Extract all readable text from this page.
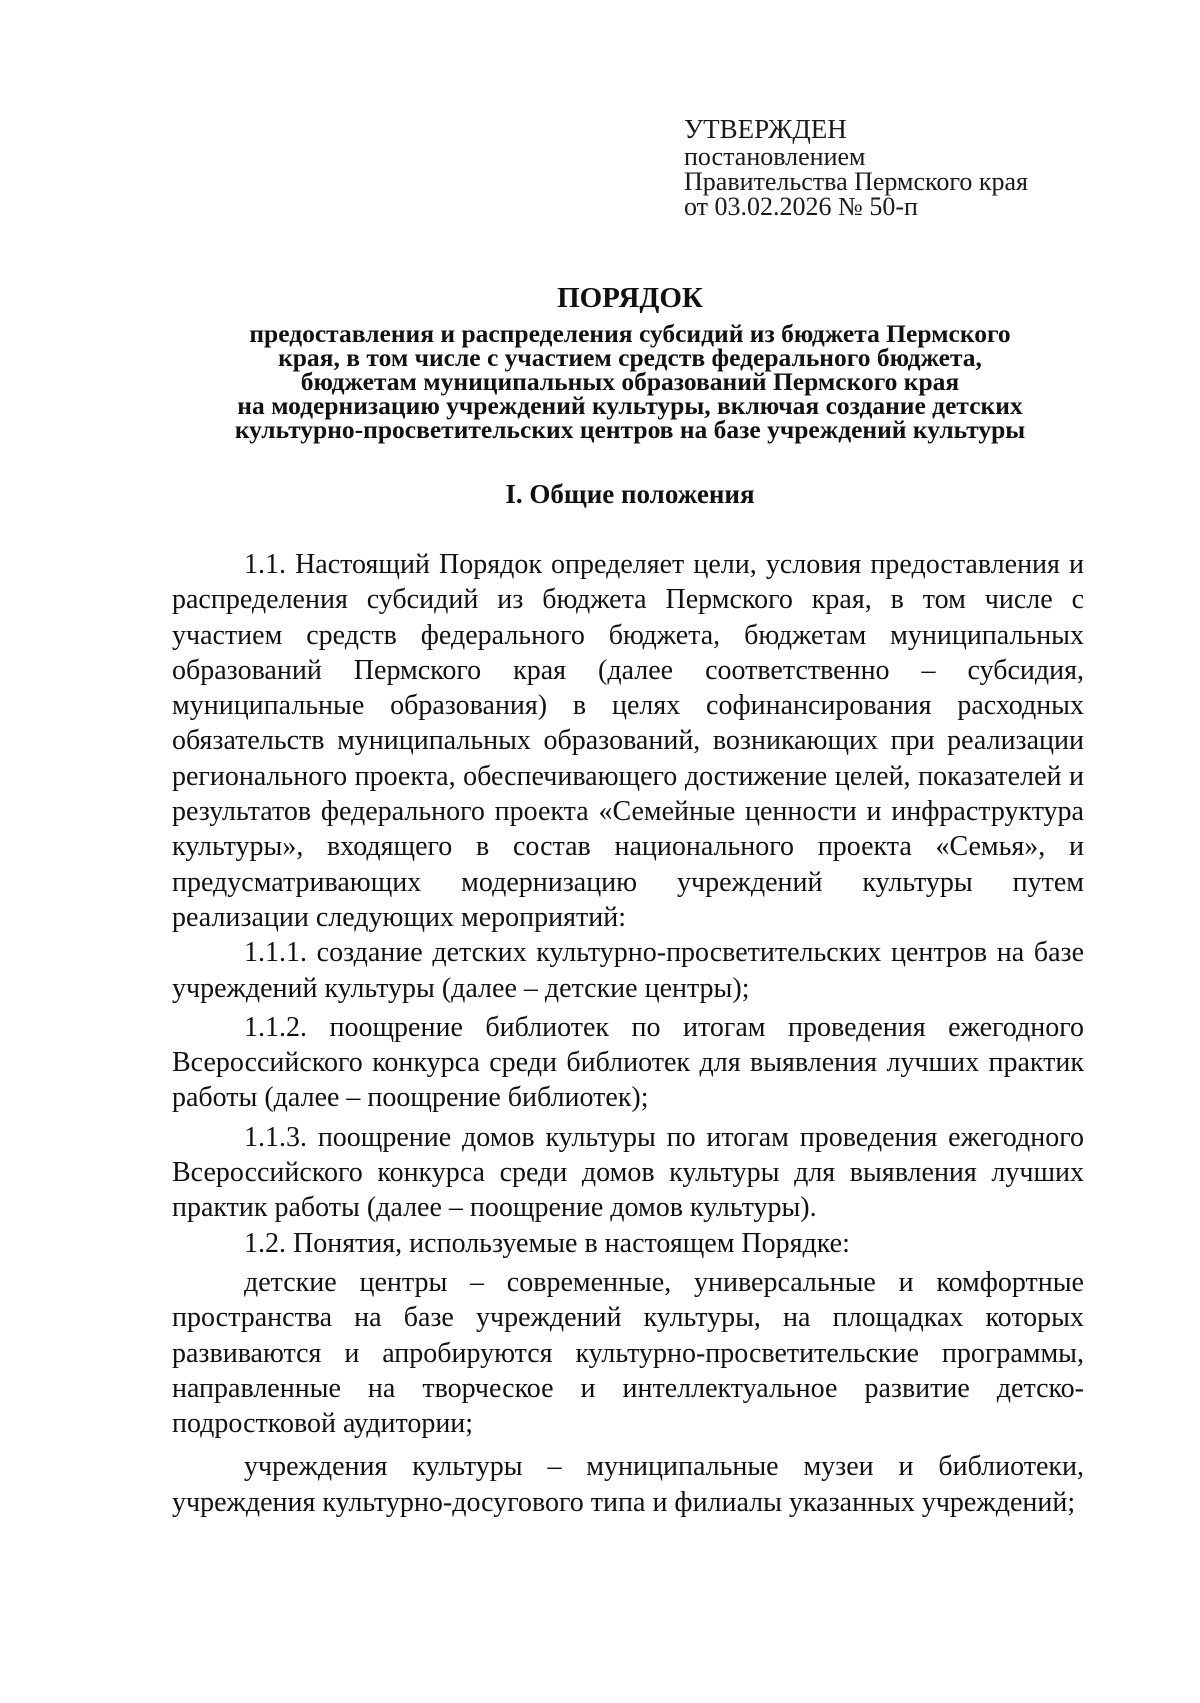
УТВЕРЖДЕН
постановлением
Правительства Пермского края
от 03.02.2026 № 50-п
ПОРЯДОК
предоставления и распределения субсидий из бюджета Пермского
края, в том числе с участием средств федерального бюджета,
бюджетам муниципальных образований Пермского края
на модернизацию учреждений культуры, включая создание детских
культурно-просветительских центров на базе учреждений культуры
I. Общие положения

1.1. Настоящий Порядок определяет цели, условия предоставления и распределения субсидий из бюджета Пермского края, в том числе с участием средств федерального бюджета, бюджетам муниципальных образований Пермского края (далее соответственно – субсидия, муниципальные образования) в целях софинансирования расходных обязательств муниципальных образований, возникающих при реализации регионального проекта, обеспечивающего достижение целей, показателей и результатов федерального проекта «Семейные ценности и инфраструктура культуры», входящего в состав национального проекта «Семья», и предусматривающих модернизацию учреждений культуры путем реализации следующих мероприятий:

1.1.1. создание детских культурно-просветительских центров на базе учреждений культуры (далее – детские центры);

1.1.2. поощрение библиотек по итогам проведения ежегодного Всероссийского конкурса среди библиотек для выявления лучших практик работы (далее – поощрение библиотек);

1.1.3. поощрение домов культуры по итогам проведения ежегодного Всероссийского конкурса среди домов культуры для выявления лучших практик работы (далее – поощрение домов культуры).

1.2. Понятия, используемые в настоящем Порядке:

детские центры – современные, универсальные и комфортные пространства на базе учреждений культуры, на площадках которых развиваются и апробируются культурно-просветительские программы, направленные на творческое и интеллектуальное развитие детско-подростковой аудитории;

учреждения культуры – муниципальные музеи и библиотеки, учреждения культурно-досугового типа и филиалы указанных учреждений;
